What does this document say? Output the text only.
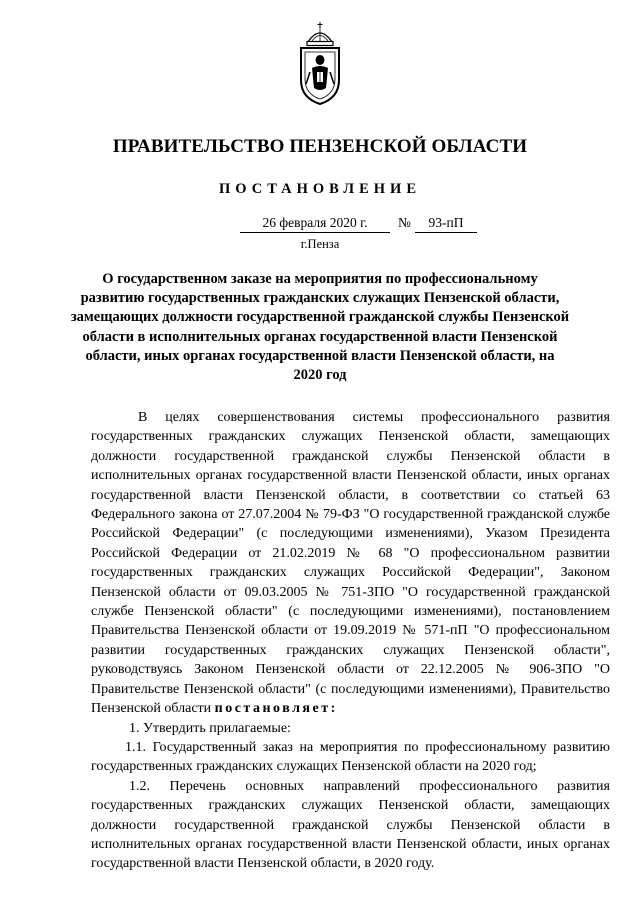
ПРАВИТЕЛЬСТВО ПЕНЗЕНСКОЙ ОБЛАСТИ
ПОСТАНОВЛЕНИЕ
26 февраля 2020 г.	№	93-пП
г.Пенза
О государственном заказе на мероприятия по профессиональному развитию государственных гражданских служащих Пензенской области, замещающих должности государственной гражданской службы Пензенской области в исполнительных органах государственной власти Пензенской области, иных органах государственной власти Пензенской области, на 2020 год

В целях совершенствования системы профессионального развития государственных гражданских служащих Пензенской области, замещающих должности государственной гражданской службы Пензенской области в исполнительных органах государственной власти Пензенской области, иных органах государственной власти Пензенской области, в соответствии со статьей 63 Федерального закона от 27.07.2004 № 79-ФЗ "О государственной гражданской службе Российской Федерации" (с последующими изменениями), Указом Президента Российской Федерации от 21.02.2019 № 68 "О профессиональном развитии государственных гражданских служащих Российской Федерации", Законом Пензенской области от 09.03.2005 № 751-ЗПО "О государственной гражданской службе Пензенской области" (с последующими изменениями), постановлением Правительства Пензенской области от 19.09.2019 № 571-пП "О профессиональном развитии государственных гражданских служащих Пензенской области", руководствуясь Законом Пензенской области от 22.12.2005 № 906-ЗПО "О Правительстве Пензенской области" (с последующими изменениями), Правительство Пензенской области постановляет:

1. Утвердить прилагаемые:

1.1. Государственный заказ на мероприятия по профессиональному развитию государственных гражданских служащих Пензенской области на 2020 год;

1.2. Перечень основных направлений профессионального развития государственных гражданских служащих Пензенской области, замещающих должности государственной гражданской службы Пензенской области в исполнительных органах государственной власти Пензенской области, иных органах государственной власти Пензенской области, в 2020 году.
